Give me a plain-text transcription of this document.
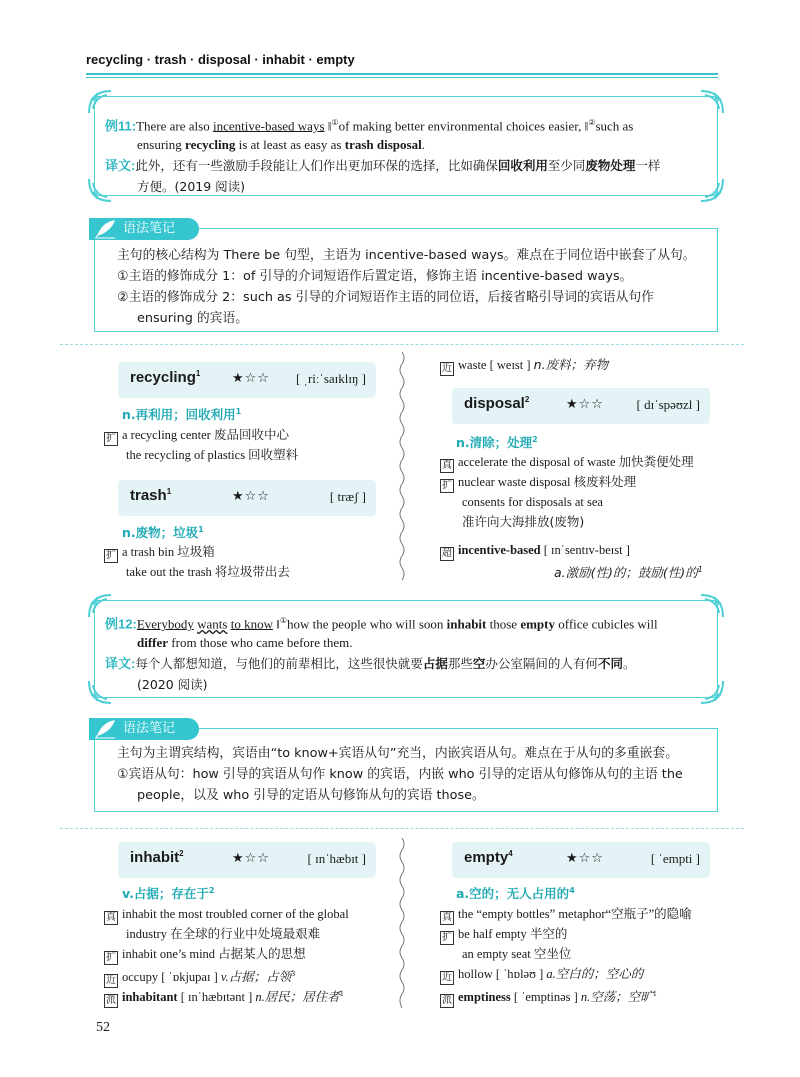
recycling · trash · disposal · inhabit · empty
例11:There are also incentive-based ways ‖①of making better environmental choices easier, ‖②such as
ensuring recycling is at least as easy as trash disposal.
译文:此外，还有一些激励手段能让人们作出更加环保的选择，比如确保回收利用至少同废物处理一样
方便。(2019 阅读)
语法笔记
主句的核心结构为 There be 句型，主语为 incentive-based ways。难点在于同位语中嵌套了从句。
①主语的修饰成分 1：of 引导的介词短语作后置定语，修饰主语 incentive-based ways。
②主语的修饰成分 2：such as 引导的介词短语作主语的同位语，后接省略引导词的宾语从句作
ensuring 的宾语。
recycling$^1$ ★☆☆ [ ˌriːˈsaɪklɪŋ ]
n.再利用；回收利用$^1$
扩 a recycling center 废品回收中心
the recycling of plastics 回收塑料
trash$^1$	★☆☆	[ træʃ ]
n.废物；垃圾$^1$
扩 a trash bin 垃圾箱
take out the trash 将垃圾带出去
近 waste [ weɪst ] n.废料；弃物
disposal$^2$	★☆☆	[ dɪˈspəʊzl ]
n.清除；处理$^2$
真 accelerate the disposal of waste 加快粪便处理
扩 nuclear waste disposal 核废料处理
consents for disposals at sea
准许向大海排放(废物)
超 incentive-based [ ɪnˈsentɪv-beɪst ]
a.激励(性)的；鼓励(性)的$^1$
例12:Everybody wants to know ‖①how the people who will soon inhabit those empty office cubicles will
differ from those who came before them.
译文:每个人都想知道，与他们的前辈相比，这些很快就要占据那些空办公室隔间的人有何不同。
(2020 阅读)
语法笔记
主句为主谓宾结构，宾语由“to know+宾语从句”充当，内嵌宾语从句。难点在于从句的多重嵌套。
①宾语从句：how 引导的宾语从句作 know 的宾语，内嵌 who 引导的定语从句修饰从句的主语 the
people，以及 who 引导的定语从句修饰从句的宾语 those。
inhabit$^2$	★☆☆	[ ɪnˈhæbɪt ]
v.占据；存在于$^2$
真 inhabit the most troubled corner of the global
industry 在全球的行业中处境最艰难
扩 inhabit one’s mind 占据某人的思想
近 occupy [ ˈɒkjupaɪ ] v.占据；占领$^3$
派 inhabitant [ ɪnˈhæbɪtənt ] n.居民；居住者$^1$
empty$^4$	★☆☆	[ ˈempti ]
a.空的；无人占用的$^4$
真 the “empty bottles” metaphor“空瓶子”的隐喻
扩 be half empty 半空的
an empty seat 空坐位
近 hollow [ ˈhɒləʊ ] a.空白的；空心的
派 emptiness [ ˈemptinəs ] n.空荡；空旷$^1$
52
